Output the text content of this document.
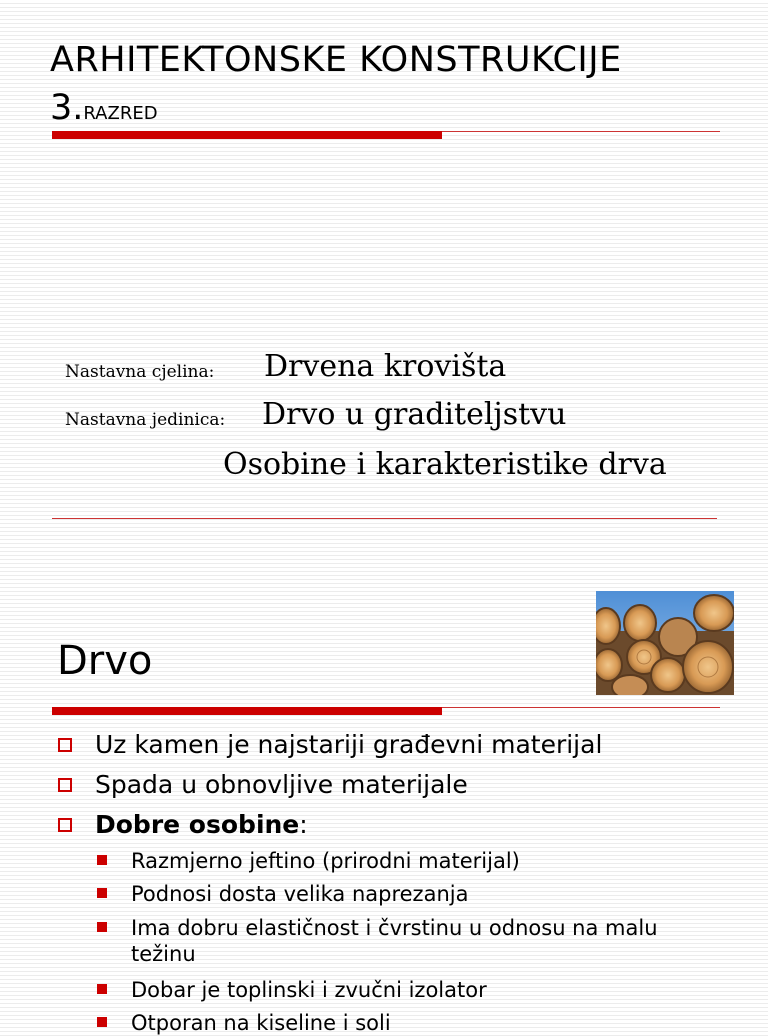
ARHITEKTONSKE KONSTRUKCIJE
3.RAZRED
Nastavna cjelina: Drvena krovišta
Nastavna jedinica: Drvo u graditeljstvu
Osobine i karakteristike drva
Drvo
Uz kamen je najstariji građevni materijal
Spada u obnovljive materijale
Dobre osobine:
Razmjerno jeftino (prirodni materijal)
Podnosi dosta velika naprezanja
Ima dobru elastičnost i čvrstinu u odnosu na malu težinu
Dobar je toplinski i zvučni izolator
Otporan na kiseline i soli
